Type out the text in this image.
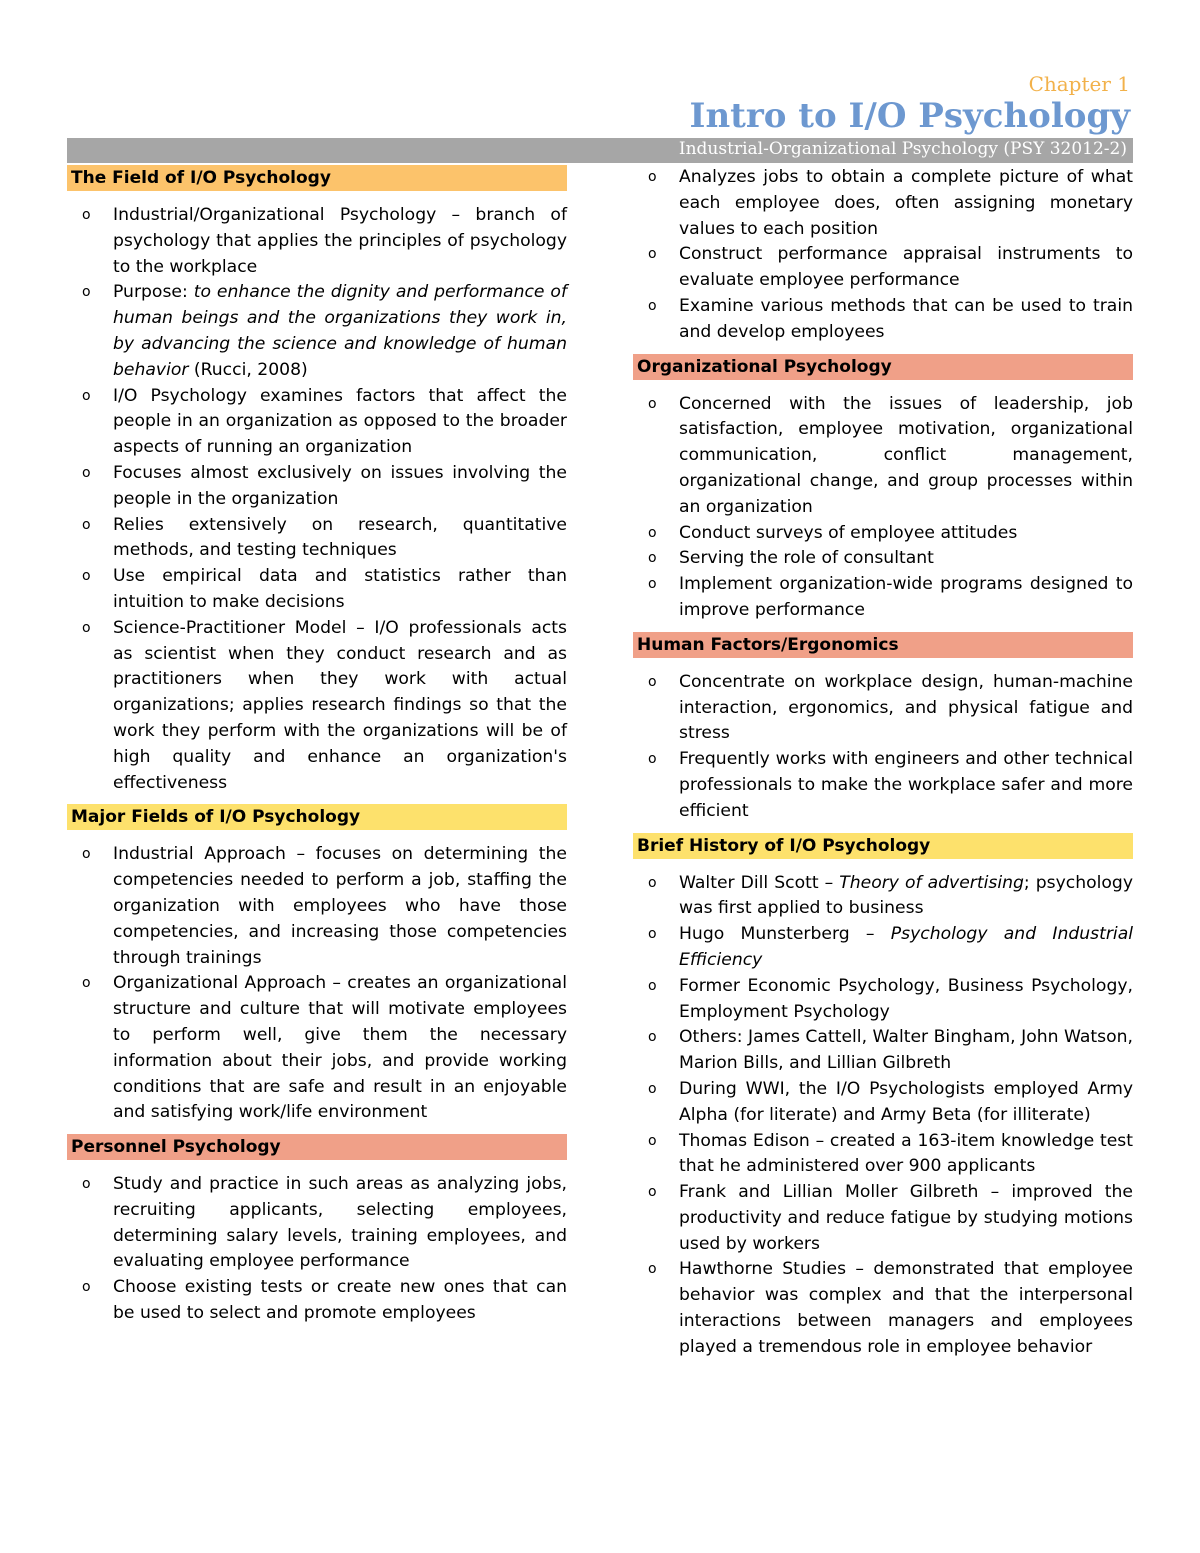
Chapter 1
Intro to I/O Psychology
Industrial-Organizational Psychology (PSY 32012-2)
The Field of I/O Psychology
o Industrial/Organizational Psychology – branch of psychology that applies the principles of psychology to the workplace
o Purpose: to enhance the dignity and performance of human beings and the organizations they work in, by advancing the science and knowledge of human behavior (Rucci, 2008)
o I/O Psychology examines factors that affect the people in an organization as opposed to the broader aspects of running an organization
o Focuses almost exclusively on issues involving the people in the organization
o Relies extensively on research, quantitative methods, and testing techniques
o Use empirical data and statistics rather than intuition to make decisions
o Science-Practitioner Model – I/O professionals acts as scientist when they conduct research and as practitioners when they work with actual organizations; applies research findings so that the work they perform with the organizations will be of high quality and enhance an organization's effectiveness
Major Fields of I/O Psychology
o Industrial Approach – focuses on determining the competencies needed to perform a job, staffing the organization with employees who have those competencies, and increasing those competencies through trainings
o Organizational Approach – creates an organizational structure and culture that will motivate employees to perform well, give them the necessary information about their jobs, and provide working conditions that are safe and result in an enjoyable and satisfying work/life environment
Personnel Psychology
o Study and practice in such areas as analyzing jobs, recruiting applicants, selecting employees, determining salary levels, training employees, and evaluating employee performance
o Choose existing tests or create new ones that can be used to select and promote employees
o Analyzes jobs to obtain a complete picture of what each employee does, often assigning monetary values to each position
o Construct performance appraisal instruments to evaluate employee performance
o Examine various methods that can be used to train and develop employees
Organizational Psychology
o Concerned with the issues of leadership, job satisfaction, employee motivation, organizational communication, conflict management, organizational change, and group processes within an organization
o Conduct surveys of employee attitudes
o Serving the role of consultant
o Implement organization-wide programs designed to improve performance
Human Factors/Ergonomics
o Concentrate on workplace design, human-machine interaction, ergonomics, and physical fatigue and stress
o Frequently works with engineers and other technical professionals to make the workplace safer and more efficient
Brief History of I/O Psychology
o Walter Dill Scott – Theory of advertising; psychology was first applied to business
o Hugo Munsterberg – Psychology and Industrial Efficiency
o Former Economic Psychology, Business Psychology, Employment Psychology
o Others: James Cattell, Walter Bingham, John Watson, Marion Bills, and Lillian Gilbreth
o During WWI, the I/O Psychologists employed Army Alpha (for literate) and Army Beta (for illiterate)
o Thomas Edison – created a 163-item knowledge test that he administered over 900 applicants
o Frank and Lillian Moller Gilbreth – improved the productivity and reduce fatigue by studying motions used by workers
o Hawthorne Studies – demonstrated that employee behavior was complex and that the interpersonal interactions between managers and employees played a tremendous role in employee behavior
